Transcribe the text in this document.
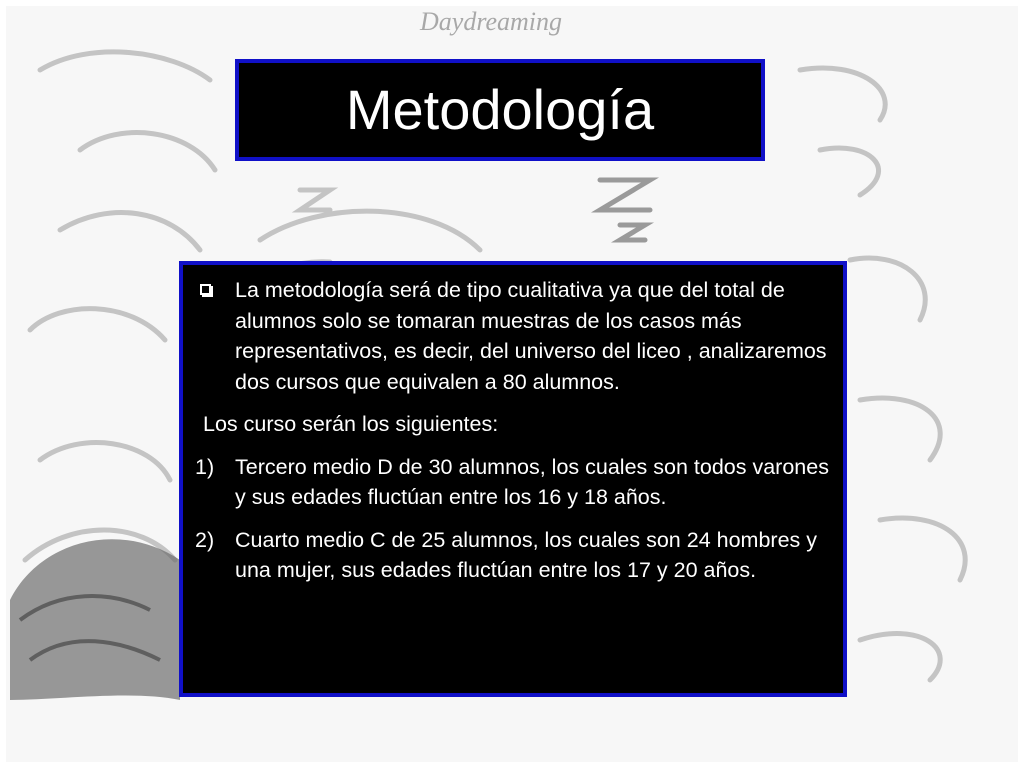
Daydreaming
Metodología
La metodología será de tipo cualitativa ya que del total de alumnos solo se tomaran muestras de los casos más representativos, es decir, del universo del liceo , analizaremos dos cursos que equivalen a 80 alumnos.
Los curso serán los siguientes:
1) Tercero medio D de 30 alumnos, los cuales son todos varones y sus edades fluctúan entre los 16 y 18 años.
2) Cuarto medio C de 25 alumnos, los cuales son 24 hombres y una mujer, sus edades fluctúan entre los 17 y 20 años.
